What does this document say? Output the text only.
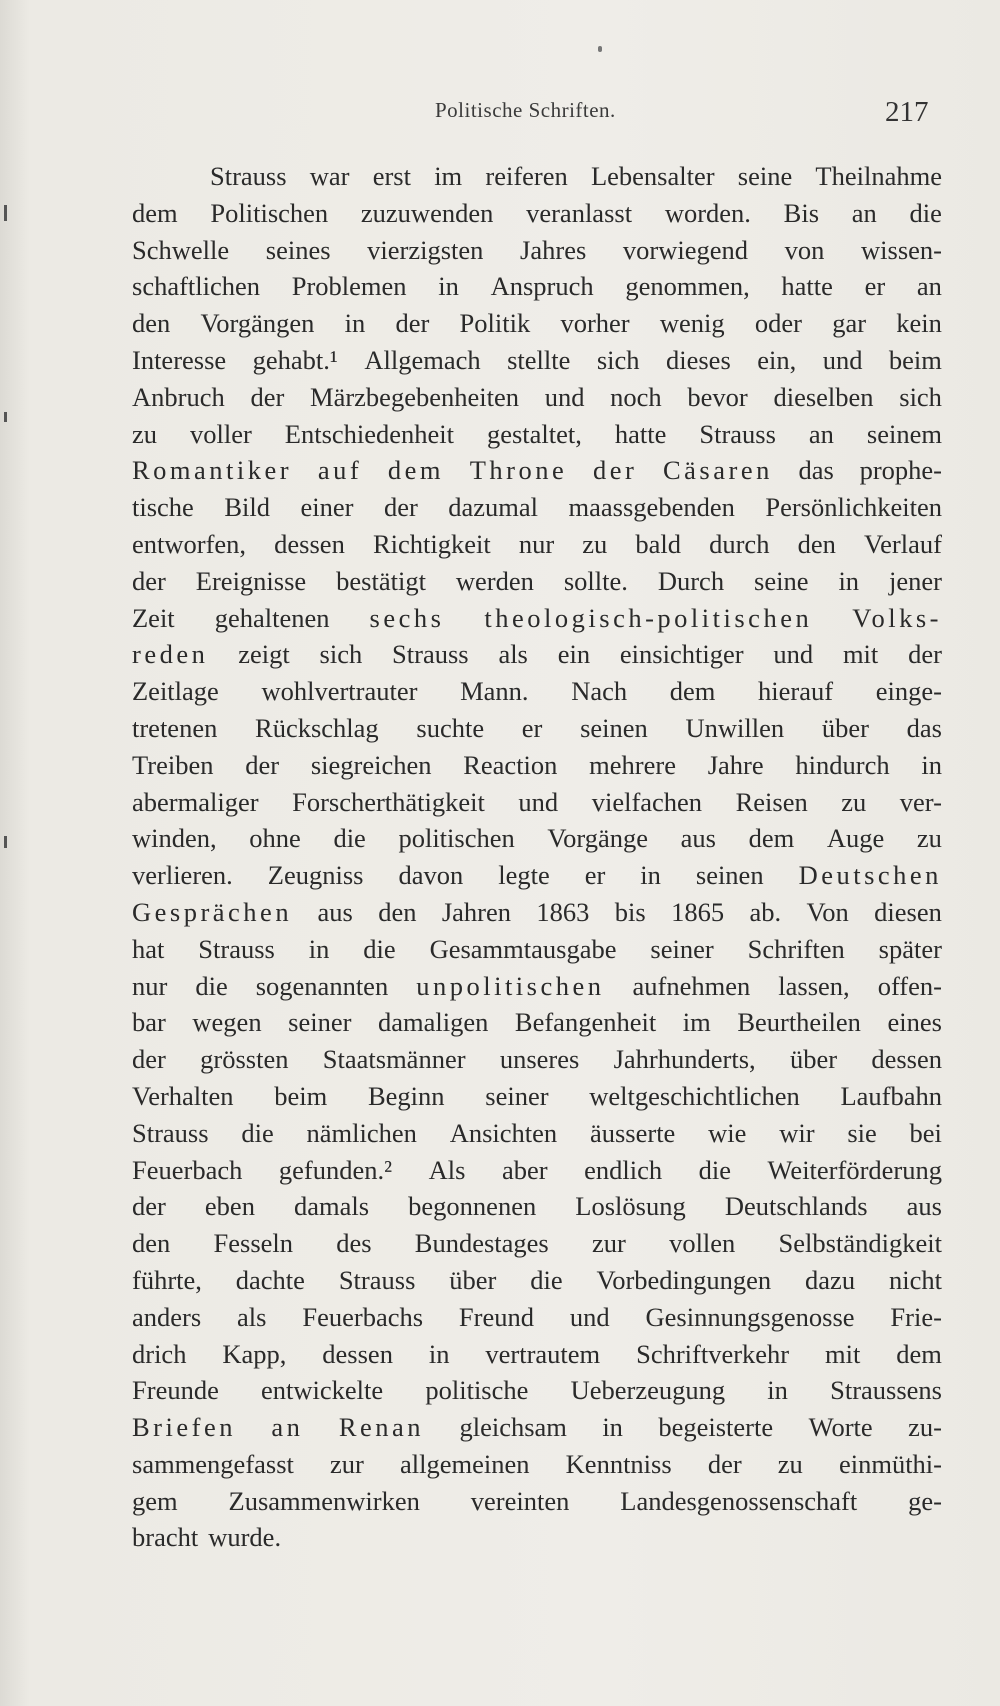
Politische Schriften.	217
Strauss war erst im reiferen Lebensalter seine Theilnahme
dem Politischen zuzuwenden veranlasst worden. Bis an die
Schwelle seines vierzigsten Jahres vorwiegend von wissen-
schaftlichen Problemen in Anspruch genommen, hatte er an
den Vorgängen in der Politik vorher wenig oder gar kein
Interesse gehabt.¹ Allgemach stellte sich dieses ein, und beim
Anbruch der Märzbegebenheiten und noch bevor dieselben sich
zu voller Entschiedenheit gestaltet, hatte Strauss an seinem
Romantiker auf dem Throne der Cäsaren das prophe-
tische Bild einer der dazumal maassgebenden Persönlichkeiten
entworfen, dessen Richtigkeit nur zu bald durch den Verlauf
der Ereignisse bestätigt werden sollte. Durch seine in jener
Zeit gehaltenen sechs theologisch-politischen Volks-
reden zeigt sich Strauss als ein einsichtiger und mit der
Zeitlage wohlvertrauter Mann. Nach dem hierauf einge-
tretenen Rückschlag suchte er seinen Unwillen über das
Treiben der siegreichen Reaction mehrere Jahre hindurch in
abermaliger Forscherthätigkeit und vielfachen Reisen zu ver-
winden, ohne die politischen Vorgänge aus dem Auge zu
verlieren. Zeugniss davon legte er in seinen Deutschen
Gesprächen aus den Jahren 1863 bis 1865 ab. Von diesen
hat Strauss in die Gesammtausgabe seiner Schriften später
nur die sogenannten unpolitischen aufnehmen lassen, offen-
bar wegen seiner damaligen Befangenheit im Beurtheilen eines
der grössten Staatsmänner unseres Jahrhunderts, über dessen
Verhalten beim Beginn seiner weltgeschichtlichen Laufbahn
Strauss die nämlichen Ansichten äusserte wie wir sie bei
Feuerbach gefunden.² Als aber endlich die Weiterförderung
der eben damals begonnenen Loslösung Deutschlands aus
den Fesseln des Bundestages zur vollen Selbständigkeit
führte, dachte Strauss über die Vorbedingungen dazu nicht
anders als Feuerbachs Freund und Gesinnungsgenosse Frie-
drich Kapp, dessen in vertrautem Schriftverkehr mit dem
Freunde entwickelte politische Ueberzeugung in Straussens
Briefen an Renan gleichsam in begeisterte Worte zu-
sammengefasst zur allgemeinen Kenntniss der zu einmüthi-
gem Zusammenwirken vereinten Landesgenossenschaft ge-
bracht wurde.
